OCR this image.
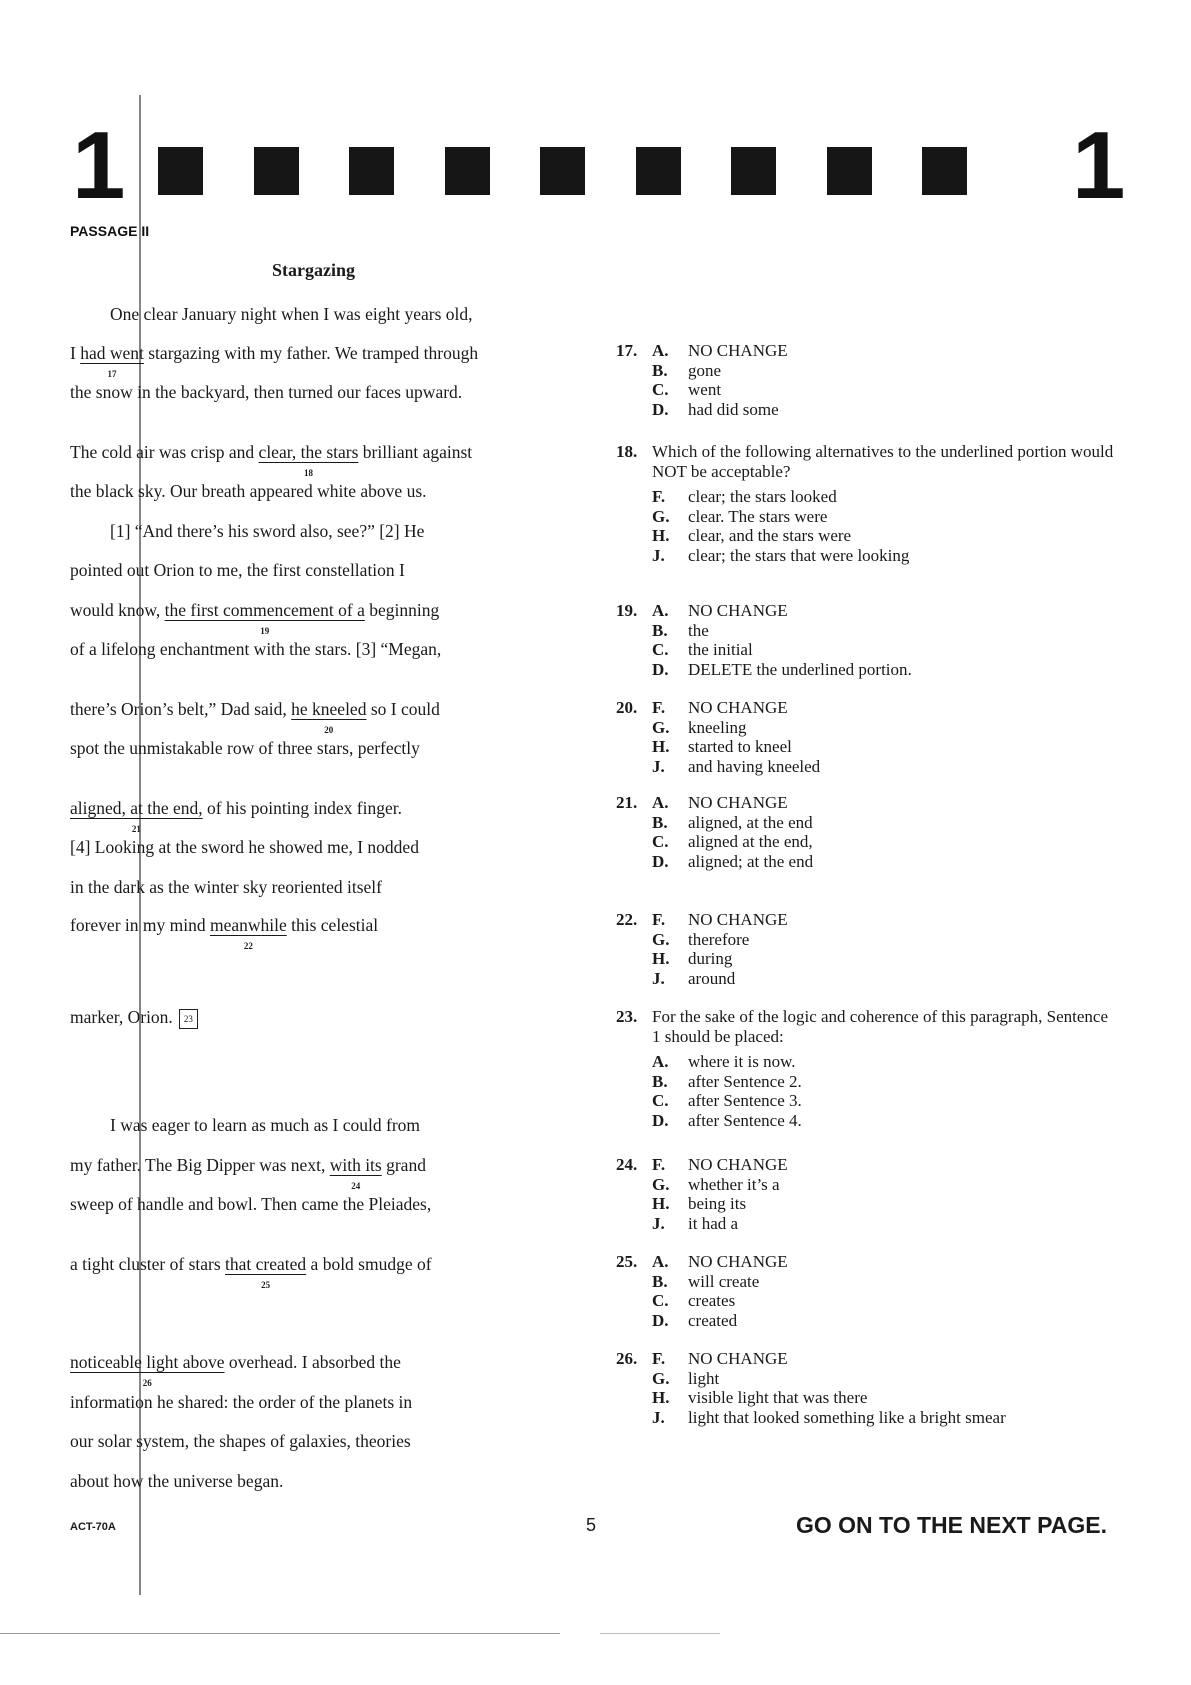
1	1
PASSAGE II
Stargazing
One clear January night when I was eight years old,
I had went
17
stargazing with my father. We tramped through
the snow in the backyard, then turned our faces upward.
The cold air was crisp and clear, the stars
18
brilliant against
the black sky. Our breath appeared white above us.
[1] “And there’s his sword also, see?” [2] He
pointed out Orion to me, the first constellation I
would know, the first commencement of a
19
beginning
of a lifelong enchantment with the stars. [3] “Megan,
there’s Orion’s belt,” Dad said, he kneeled
20
so I could
spot the unmistakable row of three stars, perfectly
aligned, at the end,
21
of his pointing index finger.
[4] Looking at the sword he showed me, I nodded
in the dark as the winter sky reoriented itself
forever in my mind meanwhile
22
this celestial
marker, Orion. 23
I was eager to learn as much as I could from
my father. The Big Dipper was next, with its
24
grand
sweep of handle and bowl. Then came the Pleiades,
a tight cluster of stars that created
25
a bold smudge of
noticeable light above
26
overhead. I absorbed the
information he shared: the order of the planets in
our solar system, the shapes of galaxies, theories
about how the universe began.
17. A. NO CHANGE
B. gone
C. went
D. had did some
18. Which of the following alternatives to the underlined portion would NOT be acceptable?
F. clear; the stars looked
G. clear. The stars were
H. clear, and the stars were
J. clear; the stars that were looking
19. A. NO CHANGE
B. the
C. the initial
D. DELETE the underlined portion.
20. F. NO CHANGE
G. kneeling
H. started to kneel
J. and having kneeled
21. A. NO CHANGE
B. aligned, at the end
C. aligned at the end,
D. aligned; at the end
22. F. NO CHANGE
G. therefore
H. during
J. around
23. For the sake of the logic and coherence of this paragraph, Sentence 1 should be placed:
A. where it is now.
B. after Sentence 2.
C. after Sentence 3.
D. after Sentence 4.
24. F. NO CHANGE
G. whether it’s a
H. being its
J. it had a
25. A. NO CHANGE
B. will create
C. creates
D. created
26. F. NO CHANGE
G. light
H. visible light that was there
J. light that looked something like a bright smear
ACT-70A	5	GO ON TO THE NEXT PAGE.
